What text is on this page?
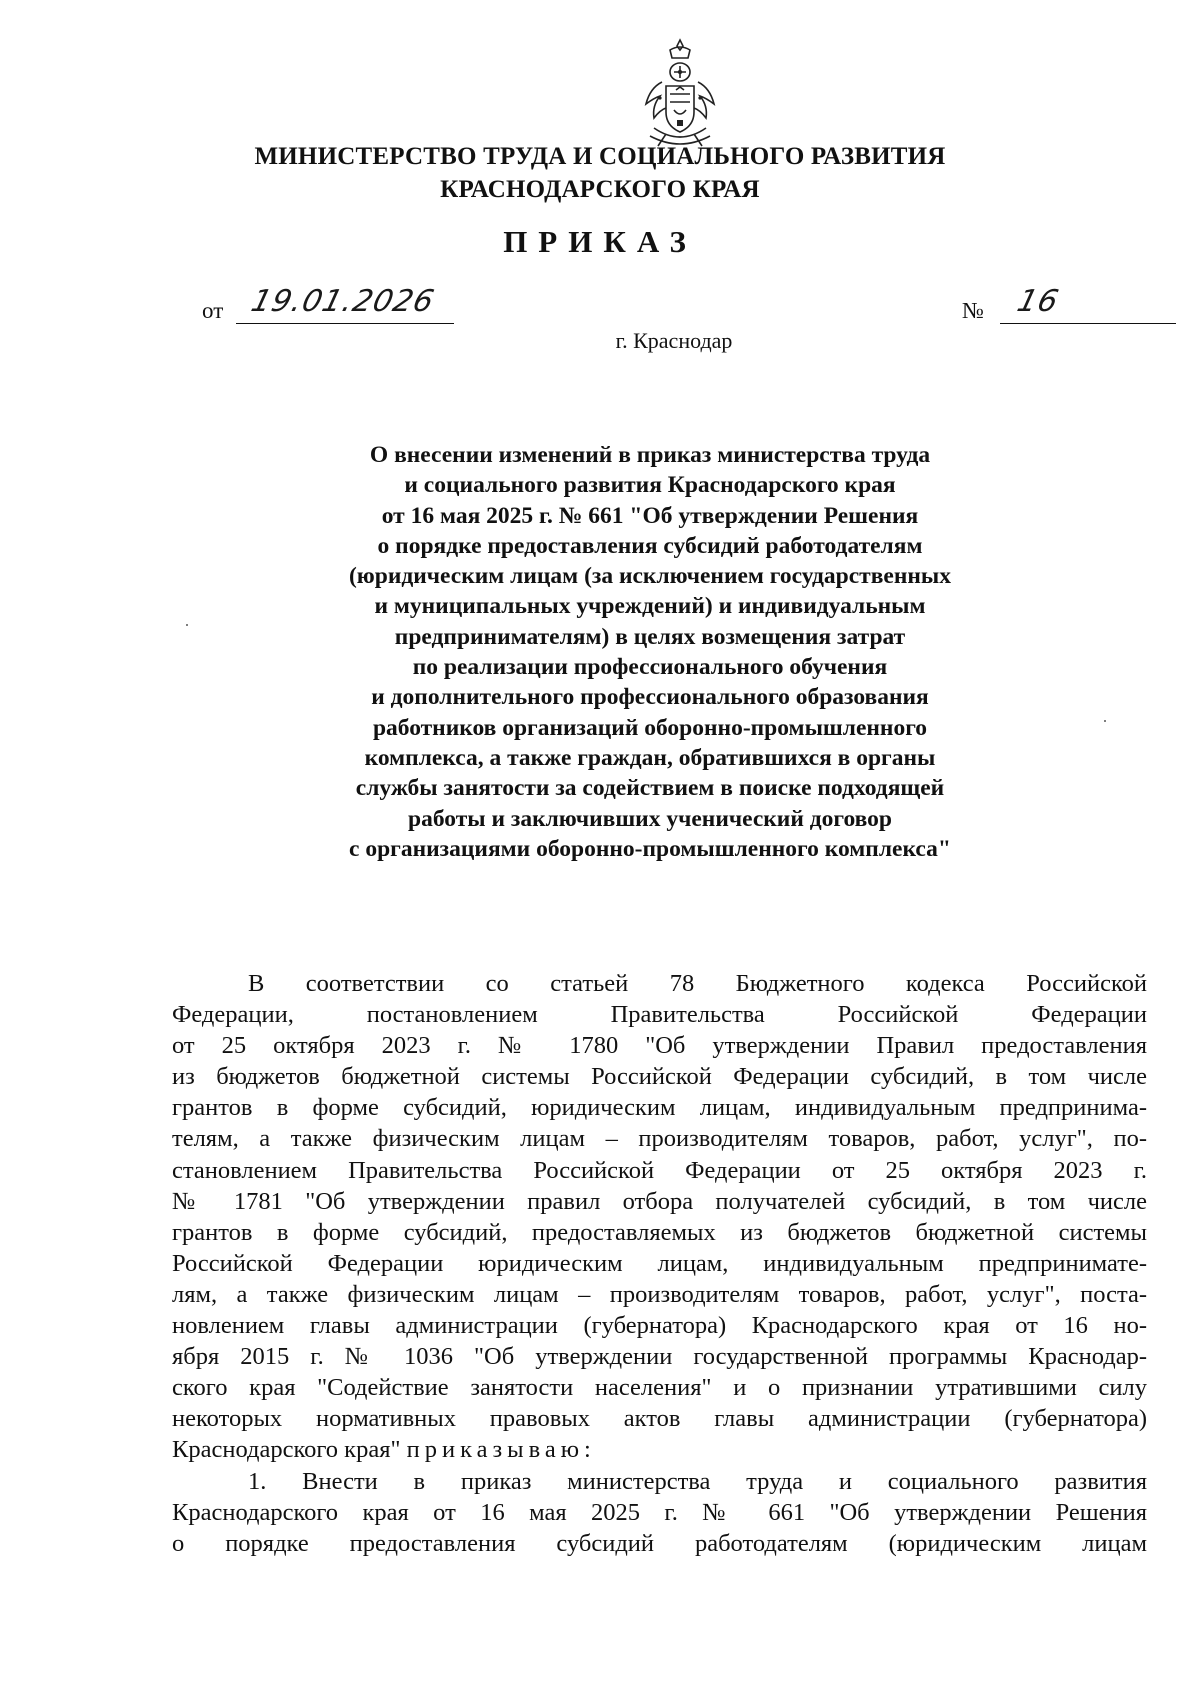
МИНИСТЕРСТВО ТРУДА И СОЦИАЛЬНОГО РАЗВИТИЯ
КРАСНОДАРСКОГО КРАЯ
ПРИКАЗ
от 19.01.2026	№ 16
г. Краснодар
О внесении изменений в приказ министерства труда
и социального развития Краснодарского края
от 16 мая 2025 г. № 661 "Об утверждении Решения
о порядке предоставления субсидий работодателям
(юридическим лицам (за исключением государственных
и муниципальных учреждений) и индивидуальным
предпринимателям) в целях возмещения затрат
по реализации профессионального обучения
и дополнительного профессионального образования
работников организаций оборонно-промышленного
комплекса, а также граждан, обратившихся в органы
службы занятости за содействием в поиске подходящей
работы и заключивших ученический договор
с организациями оборонно-промышленного комплекса"
В соответствии со статьей 78 Бюджетного кодекса Российской
Федерации, постановлением Правительства Российской Федерации
от 25 октября 2023 г. № 1780 "Об утверждении Правил предоставления
из бюджетов бюджетной системы Российской Федерации субсидий, в том числе
грантов в форме субсидий, юридическим лицам, индивидуальным предпринима-
телям, а также физическим лицам – производителям товаров, работ, услуг", по-
становлением Правительства Российской Федерации от 25 октября 2023 г.
№ 1781 "Об утверждении правил отбора получателей субсидий, в том числе
грантов в форме субсидий, предоставляемых из бюджетов бюджетной системы
Российской Федерации юридическим лицам, индивидуальным предпринимате-
лям, а также физическим лицам – производителям товаров, работ, услуг", поста-
новлением главы администрации (губернатора) Краснодарского края от 16 но-
ября 2015 г. № 1036 "Об утверждении государственной программы Краснодар-
ского края "Содействие занятости населения" и о признании утратившими силу
некоторых нормативных правовых актов главы администрации (губернатора)
Краснодарского края" приказываю:
1. Внести в приказ министерства труда и социального развития
Краснодарского края от 16 мая 2025 г. № 661 "Об утверждении Решения
о порядке предоставления субсидий работодателям (юридическим лицам
